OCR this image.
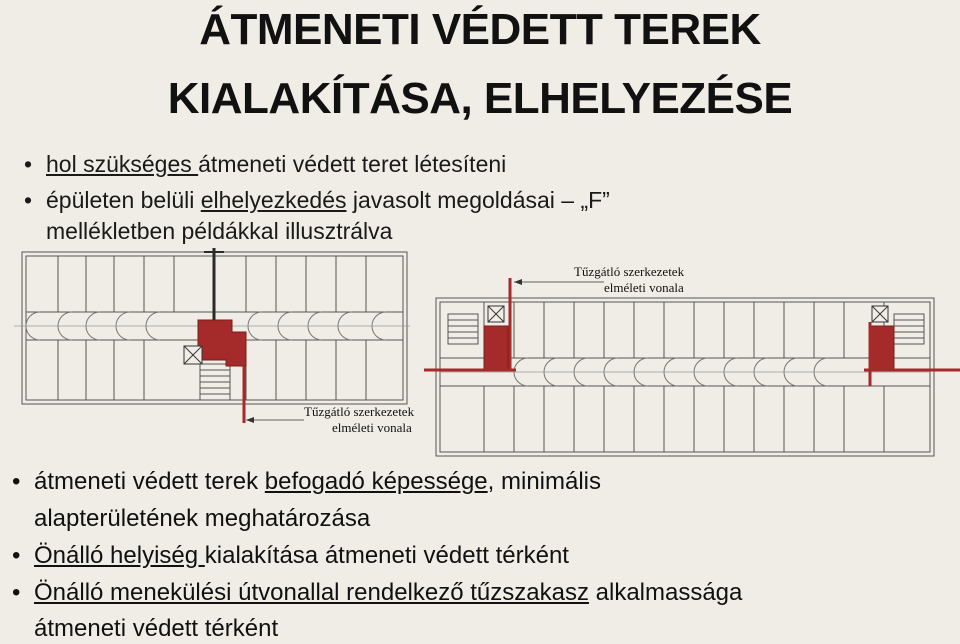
ÁTMENETI VÉDETT TEREK
KIALAKÍTÁSA, ELHELYEZÉSE
• hol szükséges átmeneti védett teret létesíteni
• épületen belüli elhelyezkedés javasolt megoldásai – „F”
mellékletben példákkal illusztrálva
Tűzgátló szerkezetek
elméleti vonala
Tűzgátló szerkezetek
elméleti vonala
• átmeneti védett terek befogadó képessége, minimális
alapterületének meghatározása
• Önálló helyiség kialakítása átmeneti védett térként
• Önálló menekülési útvonallal rendelkező tűzszakasz alkalmassága
átmeneti védett térként
